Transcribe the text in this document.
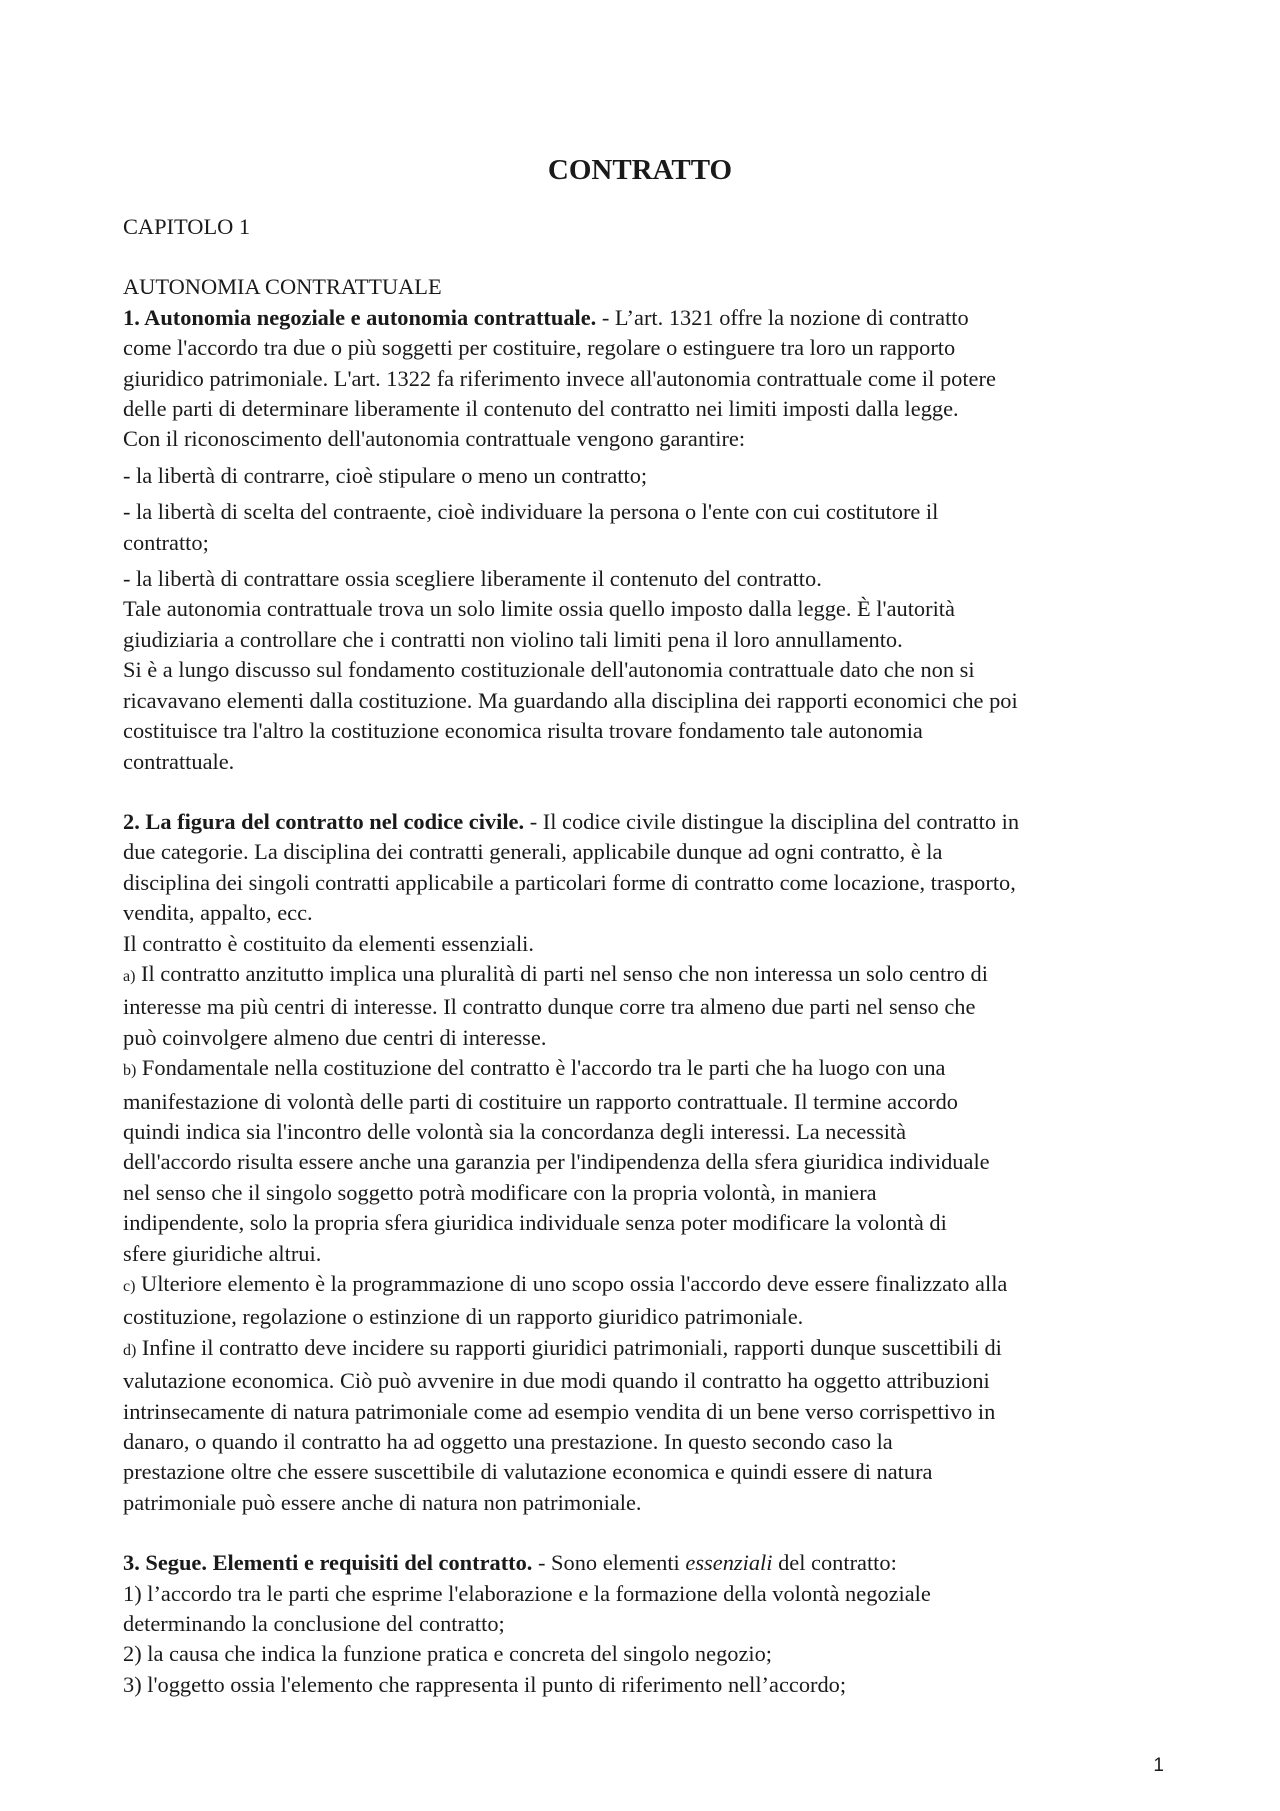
CONTRATTO

CAPITOLO 1

AUTONOMIA CONTRATTUALE

1. Autonomia negoziale e autonomia contrattuale. - L’art. 1321 offre la nozione di contratto

come l'accordo tra due o più soggetti per costituire, regolare o estinguere tra loro un rapporto

giuridico patrimoniale. L'art. 1322 fa riferimento invece all'autonomia contrattuale come il potere

delle parti di determinare liberamente il contenuto del contratto nei limiti imposti dalla legge.

Con il riconoscimento dell'autonomia contrattuale vengono garantire:

- la libertà di contrarre, cioè stipulare o meno un contratto;

- la libertà di scelta del contraente, cioè individuare la persona o l'ente con cui costitutore il

contratto;

- la libertà di contrattare ossia scegliere liberamente il contenuto del contratto.

Tale autonomia contrattuale trova un solo limite ossia quello imposto dalla legge. È l'autorità

giudiziaria a controllare che i contratti non violino tali limiti pena il loro annullamento.

Si è a lungo discusso sul fondamento costituzionale dell'autonomia contrattuale dato che non si

ricavavano elementi dalla costituzione. Ma guardando alla disciplina dei rapporti economici che poi

costituisce tra l'altro la costituzione economica risulta trovare fondamento tale autonomia

contrattuale.

2. La figura del contratto nel codice civile. - Il codice civile distingue la disciplina del contratto in

due categorie. La disciplina dei contratti generali, applicabile dunque ad ogni contratto, è la

disciplina dei singoli contratti applicabile a particolari forme di contratto come locazione, trasporto,

vendita, appalto, ecc.

Il contratto è costituito da elementi essenziali.

a) Il contratto anzitutto implica una pluralità di parti nel senso che non interessa un solo centro di

interesse ma più centri di interesse. Il contratto dunque corre tra almeno due parti nel senso che

può coinvolgere almeno due centri di interesse.

b) Fondamentale nella costituzione del contratto è l'accordo tra le parti che ha luogo con una

manifestazione di volontà delle parti di costituire un rapporto contrattuale. Il termine accordo

quindi indica sia l'incontro delle volontà sia la concordanza degli interessi. La necessità

dell'accordo risulta essere anche una garanzia per l'indipendenza della sfera giuridica individuale

nel senso che il singolo soggetto potrà modificare con la propria volontà, in maniera

indipendente, solo la propria sfera giuridica individuale senza poter modificare la volontà di

sfere giuridiche altrui.

c) Ulteriore elemento è la programmazione di uno scopo ossia l'accordo deve essere finalizzato alla

costituzione, regolazione o estinzione di un rapporto giuridico patrimoniale.

d) Infine il contratto deve incidere su rapporti giuridici patrimoniali, rapporti dunque suscettibili di

valutazione economica. Ciò può avvenire in due modi quando il contratto ha oggetto attribuzioni

intrinsecamente di natura patrimoniale come ad esempio vendita di un bene verso corrispettivo in

danaro, o quando il contratto ha ad oggetto una prestazione. In questo secondo caso la

prestazione oltre che essere suscettibile di valutazione economica e quindi essere di natura

patrimoniale può essere anche di natura non patrimoniale.

3. Segue. Elementi e requisiti del contratto. - Sono elementi essenziali del contratto:

1) l’accordo tra le parti che esprime l'elaborazione e la formazione della volontà negoziale

determinando la conclusione del contratto;

2) la causa che indica la funzione pratica e concreta del singolo negozio;

3) l'oggetto ossia l'elemento che rappresenta il punto di riferimento nell’accordo;

1
